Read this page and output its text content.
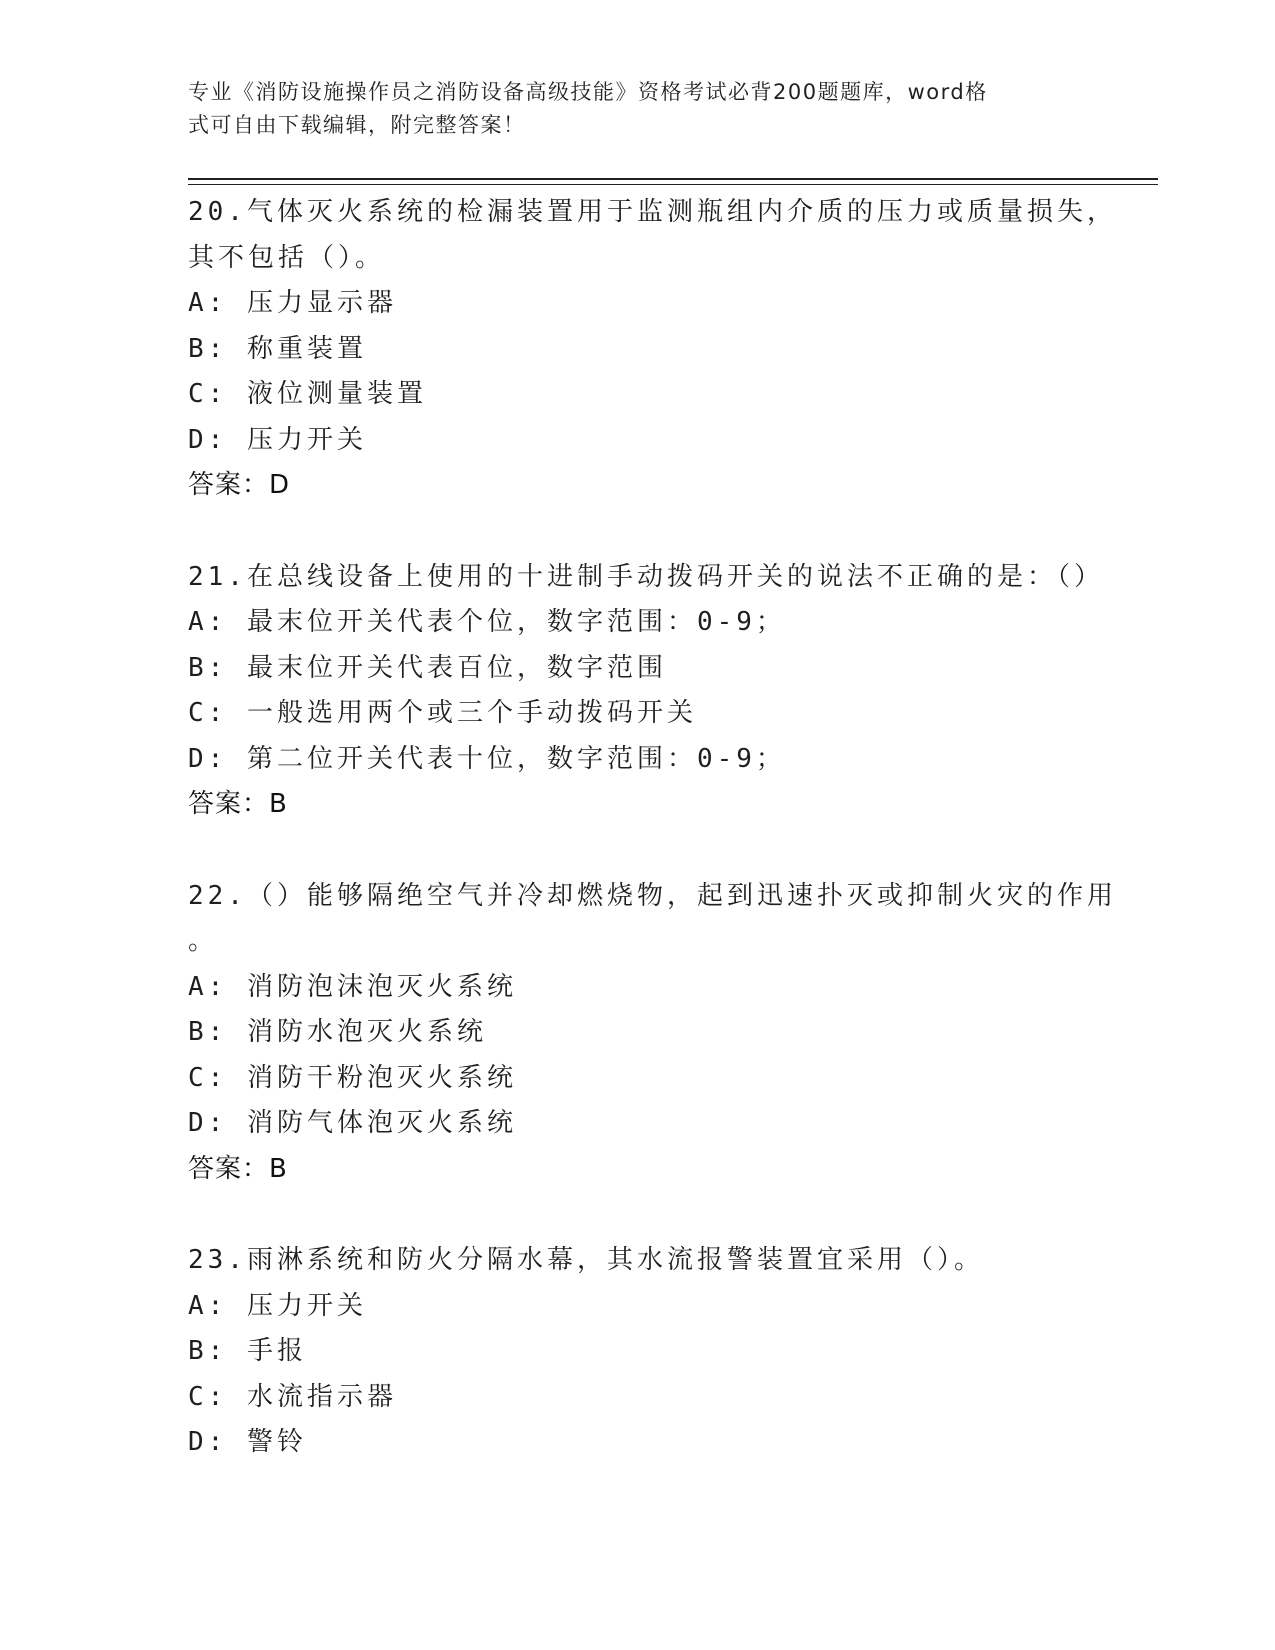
专业《消防设施操作员之消防设备高级技能》资格考试必背200题题库，word格
式可自由下载编辑，附完整答案！
20.气体灭火系统的检漏装置用于监测瓶组内介质的压力或质量损失，
其不包括（）。
A: 压力显示器
B: 称重装置
C: 液位测量装置
D: 压力开关
答案：D
21.在总线设备上使用的十进制手动拨码开关的说法不正确的是：（）
A: 最末位开关代表个位，数字范围：0-9；
B: 最末位开关代表百位，数字范围
C: 一般选用两个或三个手动拨码开关
D: 第二位开关代表十位，数字范围：0-9；
答案：B
22.（）能够隔绝空气并冷却燃烧物，起到迅速扑灭或抑制火灾的作用
。
A: 消防泡沫泡灭火系统
B: 消防水泡灭火系统
C: 消防干粉泡灭火系统
D: 消防气体泡灭火系统
答案：B
23.雨淋系统和防火分隔水幕，其水流报警装置宜采用（）。
A: 压力开关
B: 手报
C: 水流指示器
D: 警铃
